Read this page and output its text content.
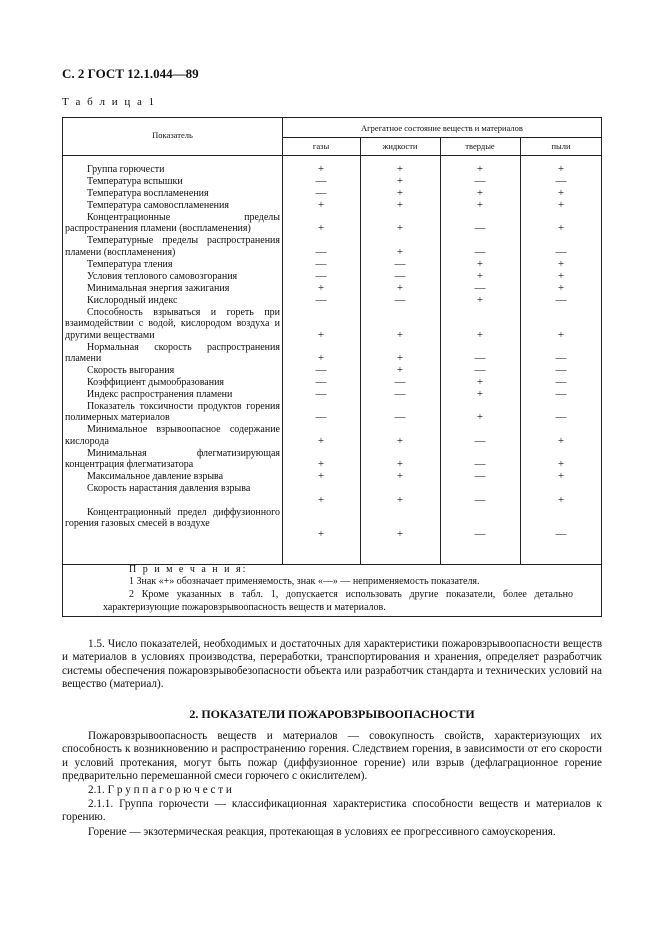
С. 2 ГОСТ 12.1.044—89
Т а б л и ц а 1
Показатель
Агрегатное состояние веществ и материалов
газы	жидкости	твердые	пыли
Группа горючести	+	+	+	+
Температура вспышки	—	+	—	—
Температура воспламенения	—	+	+	+
Температура самовоспламенения	+	+	+	+
Концентрационные пределы распространения пламени (воспламенения)	+	+	—	+
Температурные пределы распространения пламени (воспламенения)	—	+	—	—
Температура тления	—	—	+	+
Условия теплового самовозгорания	—	—	+	+
Минимальная энергия зажигания	+	+	—	+
Кислородный индекс	—	—	+	—
Способность взрываться и гореть при взаимодействии с водой, кислородом воздуха и другими веществами	+	+	+	+
Нормальная скорость распространения пламени	+	+	—	—
Скорость выгорания	—	+	—	—
Коэффициент дымообразования	—	—	+	—
Индекс распространения пламени	—	—	+	—
Показатель токсичности продуктов горения полимерных материалов	—	—	+	—
Минимальное взрывоопасное содержание кислорода	+	+	—	+
Минимальная флегматизирующая концентрация флегматизатора	+	+	—	+
Максимальное давление взрыва	+	+	—	+
Скорость нарастания давления взрыва
+	+	—	+
Концентрационный предел диффузионного горения газовых смесей в воздухе
+	+	—	—
П р и м е ч а н и я:
1 Знак «+» обозначает применяемость, знак «—» — неприменяемость показателя.
2 Кроме указанных в табл. 1, допускается использовать другие показатели, более детально характеризующие пожаровзрывоопасность веществ и материалов.
1.5. Число показателей, необходимых и достаточных для характеристики пожаровзрывоопасности веществ и материалов в условиях производства, переработки, транспортирования и хранения, определяет разработчик системы обеспечения пожаровзрывобезопасности объекта или разработчик стандарта и технических условий на вещество (материал).
2. ПОКАЗАТЕЛИ ПОЖАРОВЗРЫВООПАСНОСТИ
Пожаровзрывоопасность веществ и материалов — совокупность свойств, характеризующих их способность к возникновению и распространению горения. Следствием горения, в зависимости от его скорости и условий протекания, могут быть пожар (диффузионное горение) или взрыв (дефлаграционное горение предварительно перемешанной смеси горючего с окислителем).
2.1. Г р у п п а г о р ю ч е с т и
2.1.1. Группа горючести — классификационная характеристика способности веществ и материалов к горению.
Горение — экзотермическая реакция, протекающая в условиях ее прогрессивного самоускорения.
